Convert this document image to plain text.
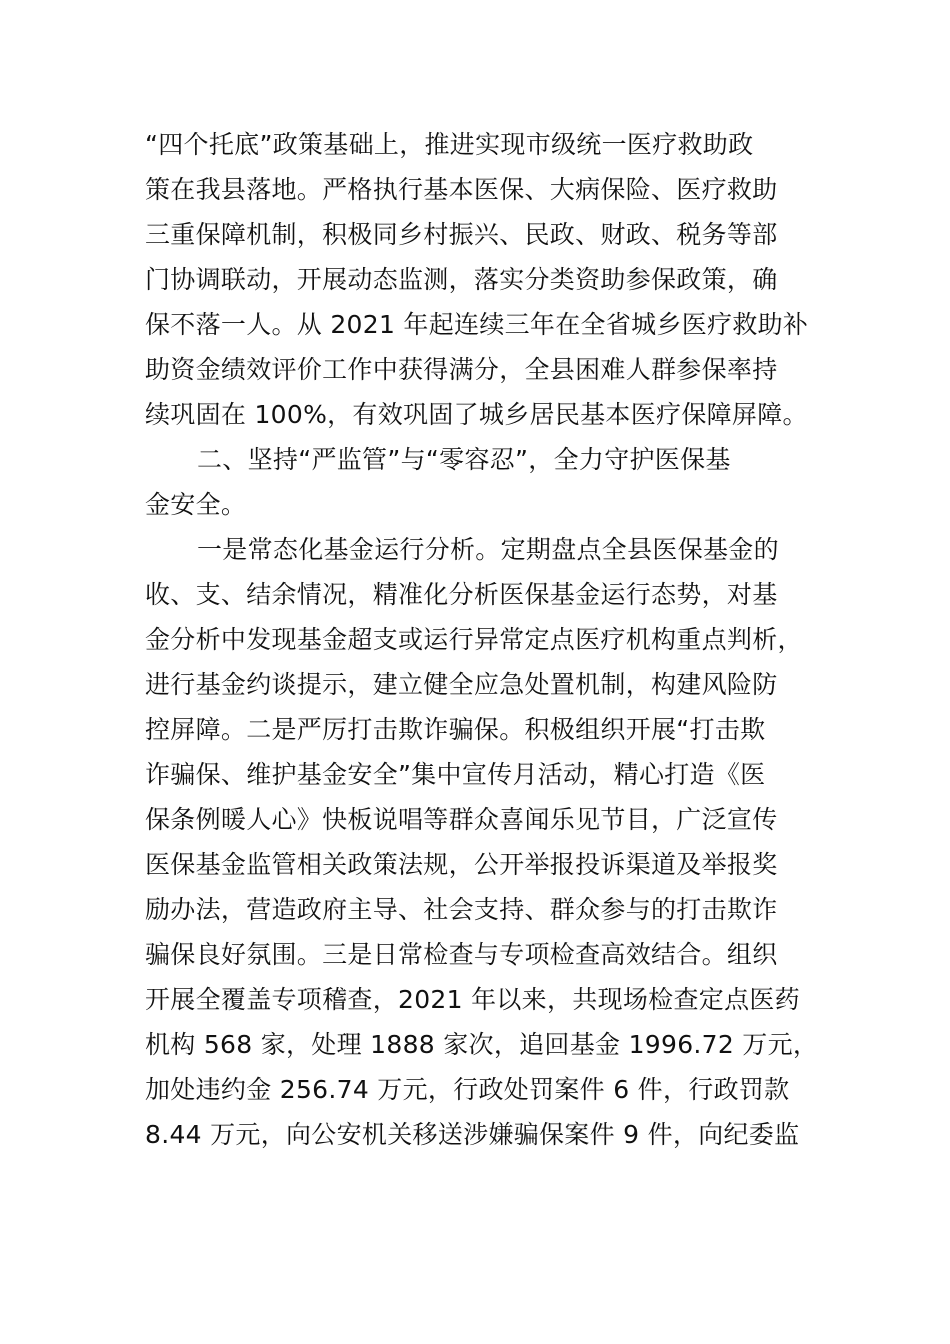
“四个托底”政策基础上，推进实现市级统一医疗救助政
策在我县落地。严格执行基本医保、大病保险、医疗救助
三重保障机制，积极同乡村振兴、民政、财政、税务等部
门协调联动，开展动态监测，落实分类资助参保政策，确
保不落一人。从 2021 年起连续三年在全省城乡医疗救助补
助资金绩效评价工作中获得满分，全县困难人群参保率持
续巩固在 100%，有效巩固了城乡居民基本医疗保障屏障。
二、坚持“严监管”与“零容忍”，全力守护医保基
金安全。
一是常态化基金运行分析。定期盘点全县医保基金的
收、支、结余情况，精准化分析医保基金运行态势，对基
金分析中发现基金超支或运行异常定点医疗机构重点判析，
进行基金约谈提示，建立健全应急处置机制，构建风险防
控屏障。二是严厉打击欺诈骗保。积极组织开展“打击欺
诈骗保、维护基金安全”集中宣传月活动，精心打造《医
保条例暖人心》快板说唱等群众喜闻乐见节目，广泛宣传
医保基金监管相关政策法规，公开举报投诉渠道及举报奖
励办法，营造政府主导、社会支持、群众参与的打击欺诈
骗保良好氛围。三是日常检查与专项检查高效结合。组织
开展全覆盖专项稽查，2021 年以来，共现场检查定点医药
机构 568 家，处理 1888 家次，追回基金 1996.72 万元，
加处违约金 256.74 万元，行政处罚案件 6 件，行政罚款
8.44 万元，向公安机关移送涉嫌骗保案件 9 件，向纪委监
